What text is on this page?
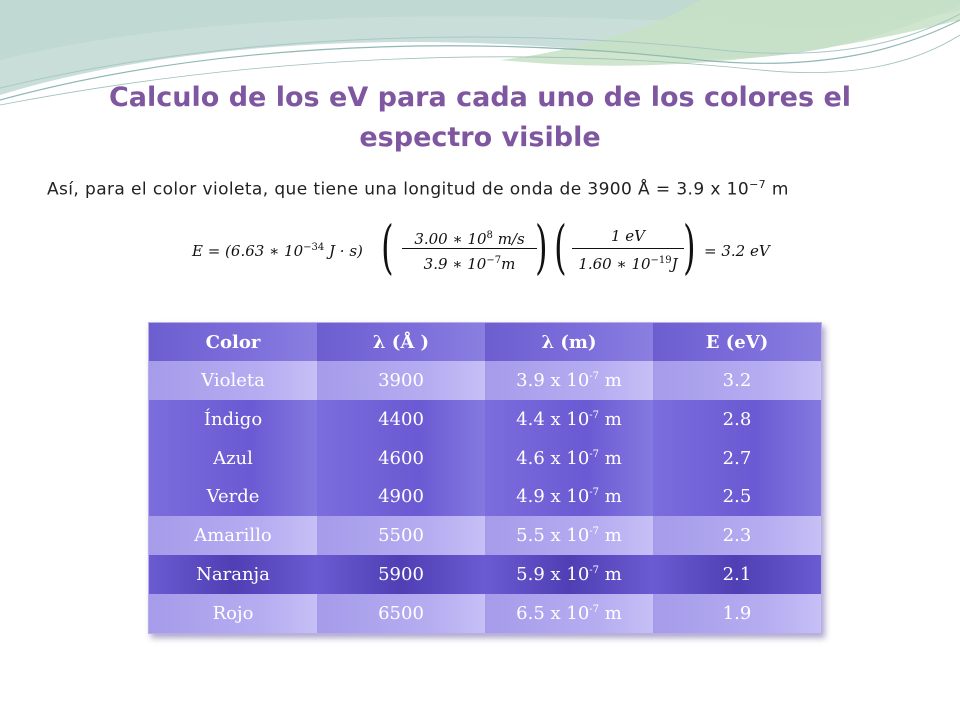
Calculo de los eV para cada uno de los colores el espectro visible
Así, para el color violeta, que tiene una longitud de onda de 3900 Å = 3.9 x $10^{-7}$ m
E = (6.63 ∗ $10^{-34}$ J · s) (	3.00 ∗ $10^8$ m/s
3.9 ∗ $10^{-7}m$ ) (	1 eV
1.60 ∗ $10^{-19}J$ ) = 3.2 eV
Color	λ (Å )	λ (m)	E (eV)
Violeta	3900	3.9 x $10^{-7}$ m	3.2
Índigo	4400	4.4 x $10^{-7}$ m	2.8
Azul	4600	4.6 x $10^{-7}$ m	2.7
Verde	4900	4.9 x $10^{-7}$ m	2.5
Amarillo	5500	5.5 x $10^{-7}$ m	2.3
Naranja	5900	5.9 x $10^{-7}$ m	2.1
Rojo	6500	6.5 x $10^{-7}$ m	1.9
